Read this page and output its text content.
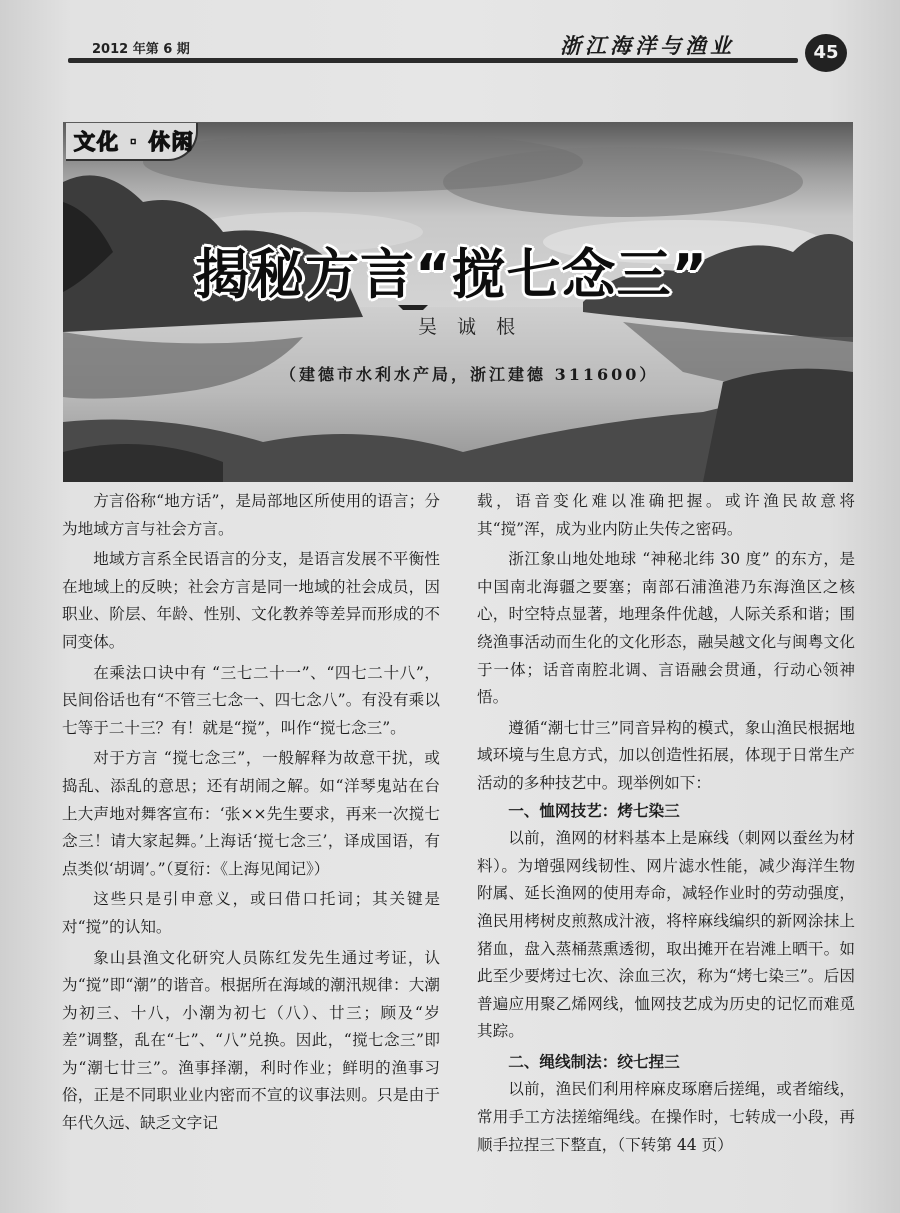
2012 年第 6 期	浙江海洋与渔业	45
文化 · 休闲
揭秘方言“搅七念三”
吴 诚 根
（建德市水利水产局，浙江建德 311600）

方言俗称“地方话”，是局部地区所使用的语言；分为地域方言与社会方言。

地域方言系全民语言的分支，是语言发展不平衡性在地域上的反映；社会方言是同一地域的社会成员，因职业、阶层、年龄、性别、文化教养等差异而形成的不同变体。

在乘法口诀中有 “三七二十一”、“四七二十八”，民间俗话也有“不管三七念一、四七念八”。有没有乘以七等于二十三？有！就是“搅”，叫作“搅七念三”。

对于方言 “搅七念三”，一般解释为故意干扰，或捣乱、添乱的意思；还有胡闹之解。如“洋琴鬼站在台上大声地对舞客宣布：‘张××先生要求，再来一次搅七念三！请大家起舞。’上海话‘搅七念三’，译成国语，有点类似‘胡调’。”（夏衍：《上海见闻记》）

这些只是引申意义，或曰借口托词；其关键是对“搅”的认知。

象山县渔文化研究人员陈红发先生通过考证，认为“搅”即“潮”的谐音。根据所在海域的潮汛规律：大潮为初三、十八，小潮为初七（八）、廿三；顾及“岁差”调整，乱在“七”、“八”兑换。因此，“搅七念三”即为“潮七廿三”。渔事择潮，利时作业；鲜明的渔事习俗，正是不同职业业内密而不宣的议事法则。只是由于年代久远、缺乏文字记

载，语音变化难以准确把握。或许渔民故意将其“搅”浑，成为业内防止失传之密码。

浙江象山地处地球 “神秘北纬 30 度” 的东方，是中国南北海疆之要塞；南部石浦渔港乃东海渔区之核心，时空特点显著，地理条件优越，人际关系和谐；围绕渔事活动而生化的文化形态，融吴越文化与闽粤文化于一体；话音南腔北调、言语融会贯通，行动心领神悟。

遵循“潮七廿三”同音异构的模式，象山渔民根据地域环境与生息方式，加以创造性拓展，体现于日常生产活动的多种技艺中。现举例如下：

一、恤网技艺：烤七染三

以前，渔网的材料基本上是麻线（刺网以蚕丝为材料）。为增强网线韧性、网片滤水性能，减少海洋生物附属、延长渔网的使用寿命，减轻作业时的劳动强度，渔民用栲树皮煎熬成汁液，将梓麻线编织的新网涂抹上猪血，盘入蒸桶蒸熏透彻，取出摊开在岩滩上晒干。如此至少要烤过七次、涂血三次，称为“烤七染三”。后因普遍应用聚乙烯网线，恤网技艺成为历史的记忆而难觅其踪。

二、绳线制法：绞七捏三

以前，渔民们利用梓麻皮琢磨后搓绳，或者缩线，常用手工方法搓缩绳线。在操作时，七转成一小段，再顺手拉捏三下整直，（下转第 44 页）
